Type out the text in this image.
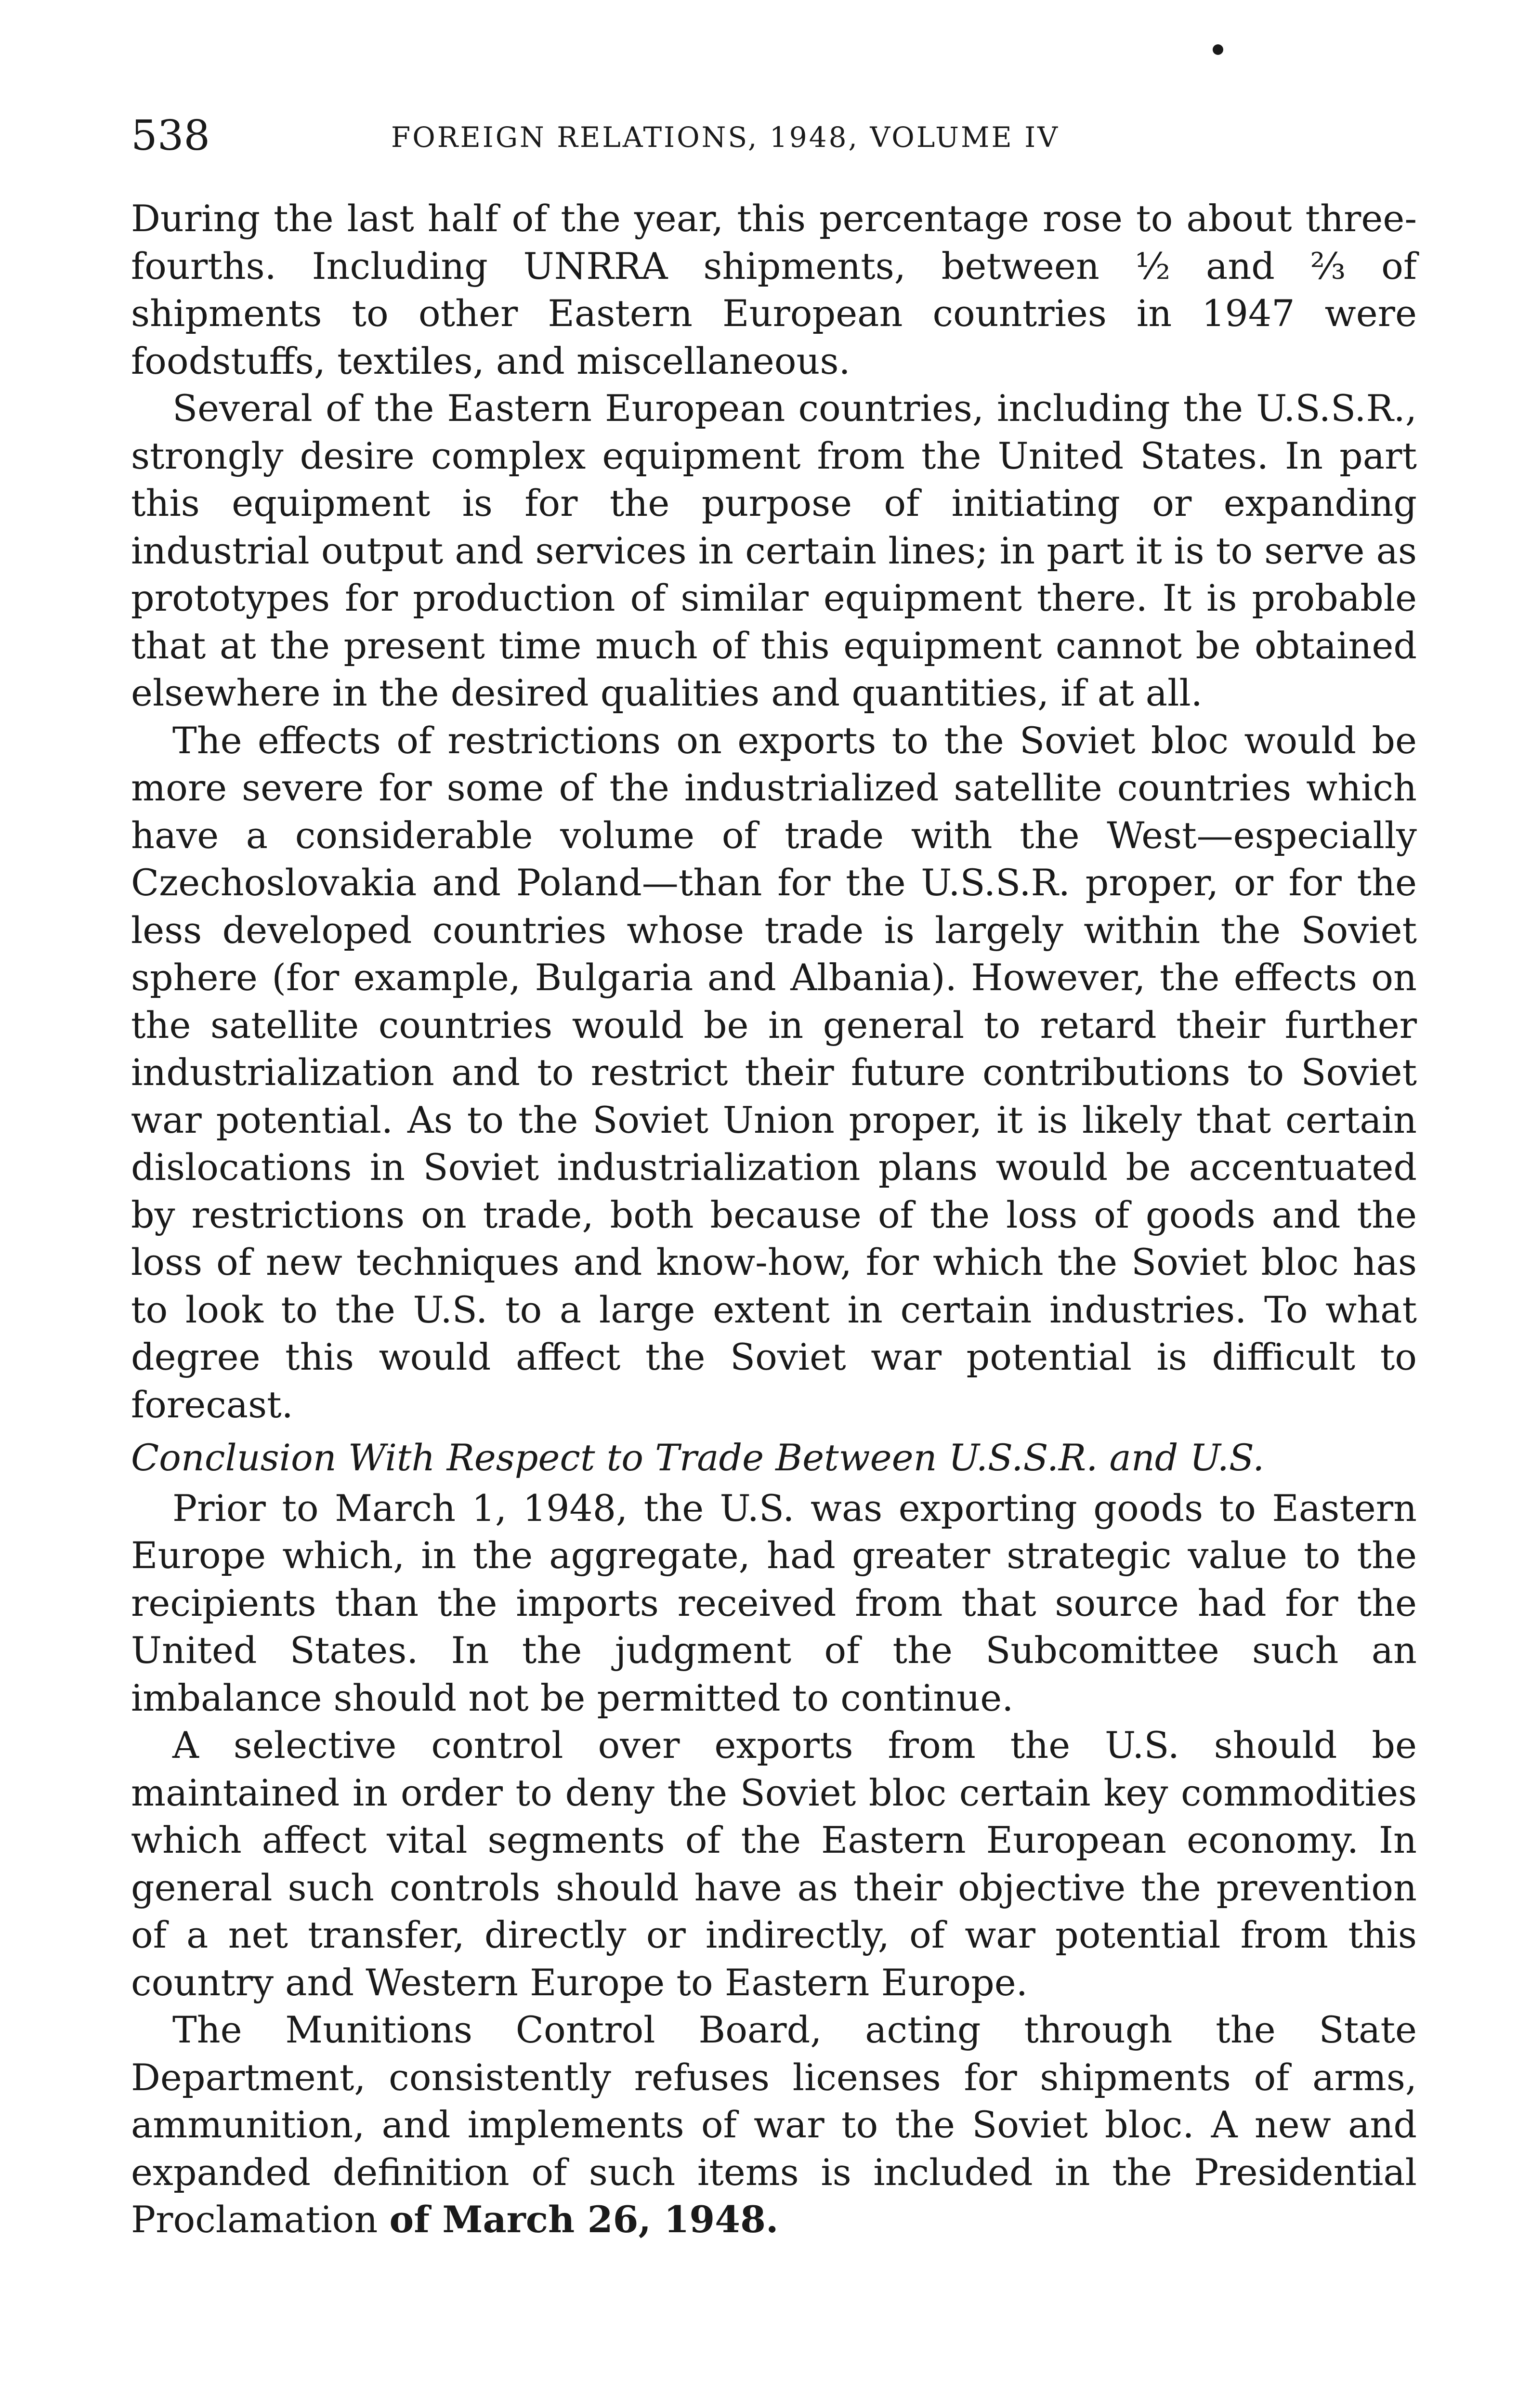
538	FOREIGN RELATIONS, 1948, VOLUME IV

During the last half of the year, this percentage rose to about three-fourths. Including UNRRA shipments, between ½ and ⅔ of shipments to other Eastern European countries in 1947 were foodstuffs, textiles, and miscellaneous.

Several of the Eastern European countries, including the U.S.S.R., strongly desire complex equipment from the United States. In part this equipment is for the purpose of initiating or expanding industrial output and services in certain lines; in part it is to serve as prototypes for production of similar equipment there. It is probable that at the present time much of this equipment cannot be obtained elsewhere in the desired qualities and quantities, if at all.

The effects of restrictions on exports to the Soviet bloc would be more severe for some of the industrialized satellite countries which have a considerable volume of trade with the West—especially Czechoslovakia and Poland—than for the U.S.S.R. proper, or for the less developed countries whose trade is largely within the Soviet sphere (for example, Bulgaria and Albania). However, the effects on the satellite countries would be in general to retard their further industrialization and to restrict their future contributions to Soviet war potential. As to the Soviet Union proper, it is likely that certain dislocations in Soviet industrialization plans would be accentuated by restrictions on trade, both because of the loss of goods and the loss of new techniques and know-how, for which the Soviet bloc has to look to the U.S. to a large extent in certain industries. To what degree this would affect the Soviet war potential is difficult to forecast.

Conclusion With Respect to Trade Between U.S.S.R. and U.S.

Prior to March 1, 1948, the U.S. was exporting goods to Eastern Europe which, in the aggregate, had greater strategic value to the recipients than the imports received from that source had for the United States. In the judgment of the Subcomittee such an imbalance should not be permitted to continue.

A selective control over exports from the U.S. should be maintained in order to deny the Soviet bloc certain key commodities which affect vital segments of the Eastern European economy. In general such controls should have as their objective the prevention of a net transfer, directly or indirectly, of war potential from this country and Western Europe to Eastern Europe.

The Munitions Control Board, acting through the State Department, consistently refuses licenses for shipments of arms, ammunition, and implements of war to the Soviet bloc. A new and expanded definition of such items is included in the Presidential Proclamation of March 26, 1948.
